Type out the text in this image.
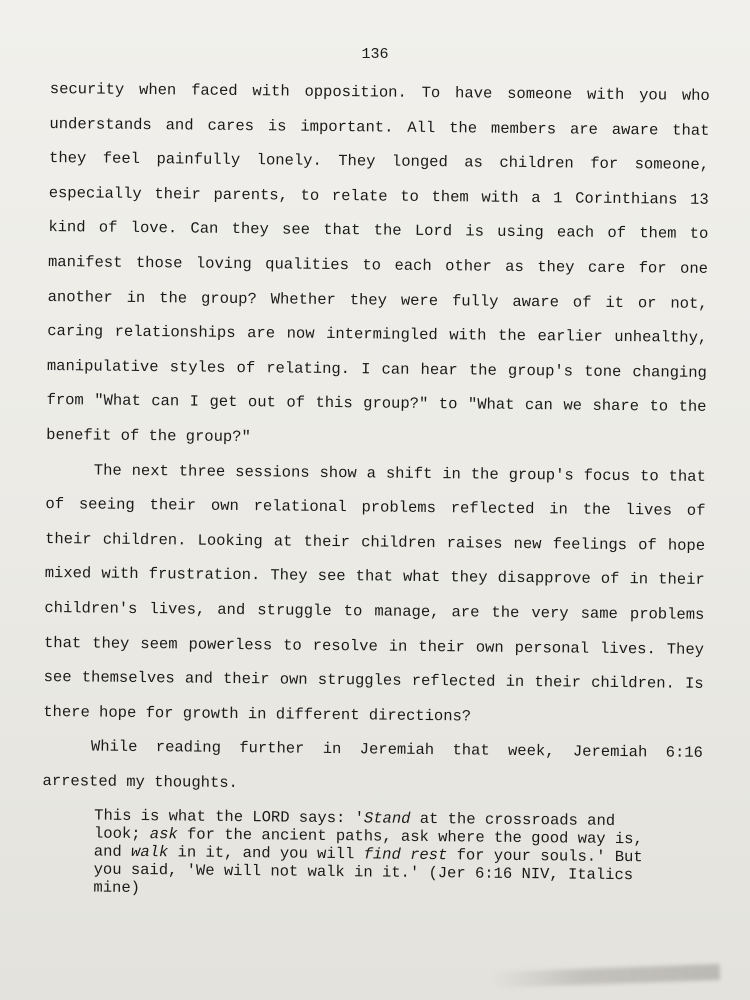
136

security when faced with opposition. To have someone with you who understands and cares is important. All the members are aware that they feel painfully lonely. They longed as children for someone, especially their parents, to relate to them with a 1 Corinthians 13 kind of love. Can they see that the Lord is using each of them to manifest those loving qualities to each other as they care for one another in the group? Whether they were fully aware of it or not, caring relationships are now intermingled with the earlier unhealthy, manipulative styles of relating. I can hear the group's tone changing from "What can I get out of this group?" to "What can we share to the benefit of the group?"

The next three sessions show a shift in the group's focus to that of seeing their own relational problems reflected in the lives of their children. Looking at their children raises new feelings of hope mixed with frustration. They see that what they disapprove of in their children's lives, and struggle to manage, are the very same problems that they seem powerless to resolve in their own personal lives. They see themselves and their own struggles reflected in their children. Is there hope for growth in different directions?

While reading further in Jeremiah that week, Jeremiah 6:16 arrested my thoughts.

This is what the LORD says: 'Stand at the crossroads and look; ask for the ancient paths, ask where the good way is, and walk in it, and you will find rest for your souls.' But you said, 'We will not walk in it.' (Jer 6:16 NIV, Italics mine)
